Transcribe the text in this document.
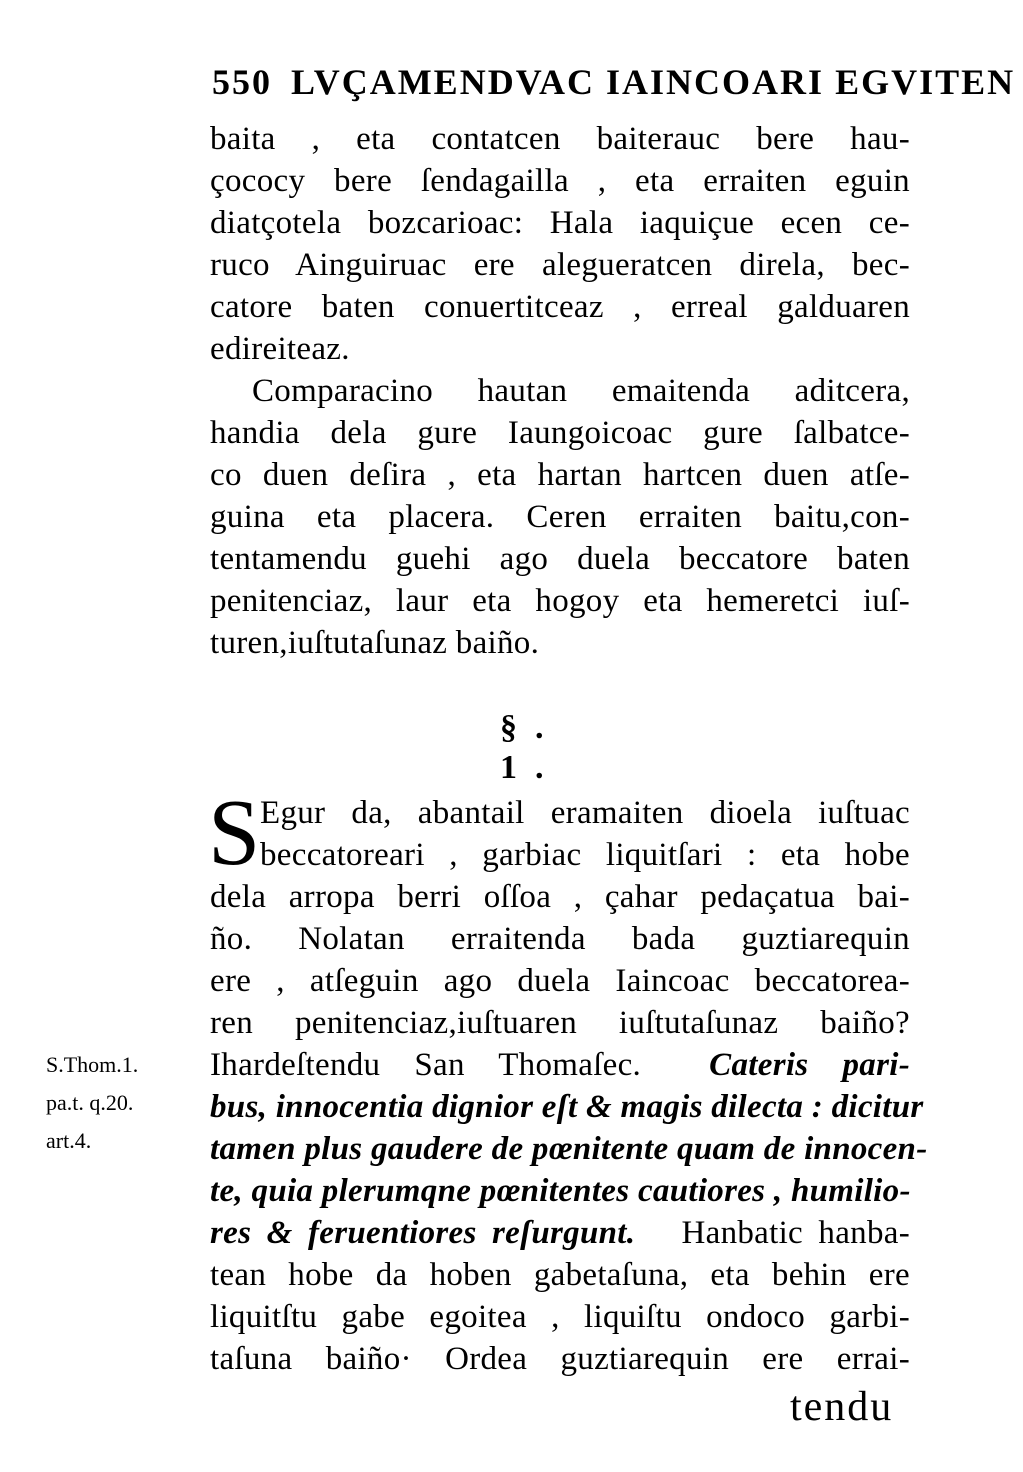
550 LVÇAMENDVAC IAINCOARI EGVITEN
baita , eta contatcen baiterauc bere hau-
çococy bere ſendagailla , eta erraiten eguin
diatçotela bozcarioac: Hala iaquiçue ecen ce-
ruco Ainguiruac ere alegueratcen direla, bec-
catore baten conuertitceaz , erreal galduaren
edireiteaz.
Comparacino hautan emaitenda aditcera,
handia dela gure Iaungoicoac gure ſalbatce-
co duen deſira , eta hartan hartcen duen atſe-
guina eta placera. Ceren erraiten baitu,con-
tentamendu guehi ago duela beccatore baten
penitenciaz, laur eta hogoy eta hemeretci iuſ-
turen,iuſtutaſunaz baiño.
§. 1.
S Egur da, abantail eramaiten dioela iuſtuac
beccatoreari , garbiac liquitſari : eta hobe
dela arropa berri oſſoa , çahar pedaçatua bai-
ño. Nolatan erraitenda bada guztiarequin
ere , atſeguin ago duela Iaincoac beccatorea-
ren penitenciaz,iuſtuaren iuſtutaſunaz baiño?
Ihardeſtendu San Thomaſec. Cateris pari-
bus, innocentia dignior eſt & magis dilecta : dicitur
tamen plus gaudere de pœnitente quam de innocen-
te, quia plerumqne pœnitentes cautiores , humilio-
res & feruentiores reſurgunt. Hanbatic hanba-
tean hobe da hoben gabetaſuna, eta behin ere
liquitſtu gabe egoitea , liquiſtu ondoco garbi-
taſuna baiño· Ordea guztiarequin ere errai-
S.Thom.1.
pa.t. q.20.
art.4.
tendu
